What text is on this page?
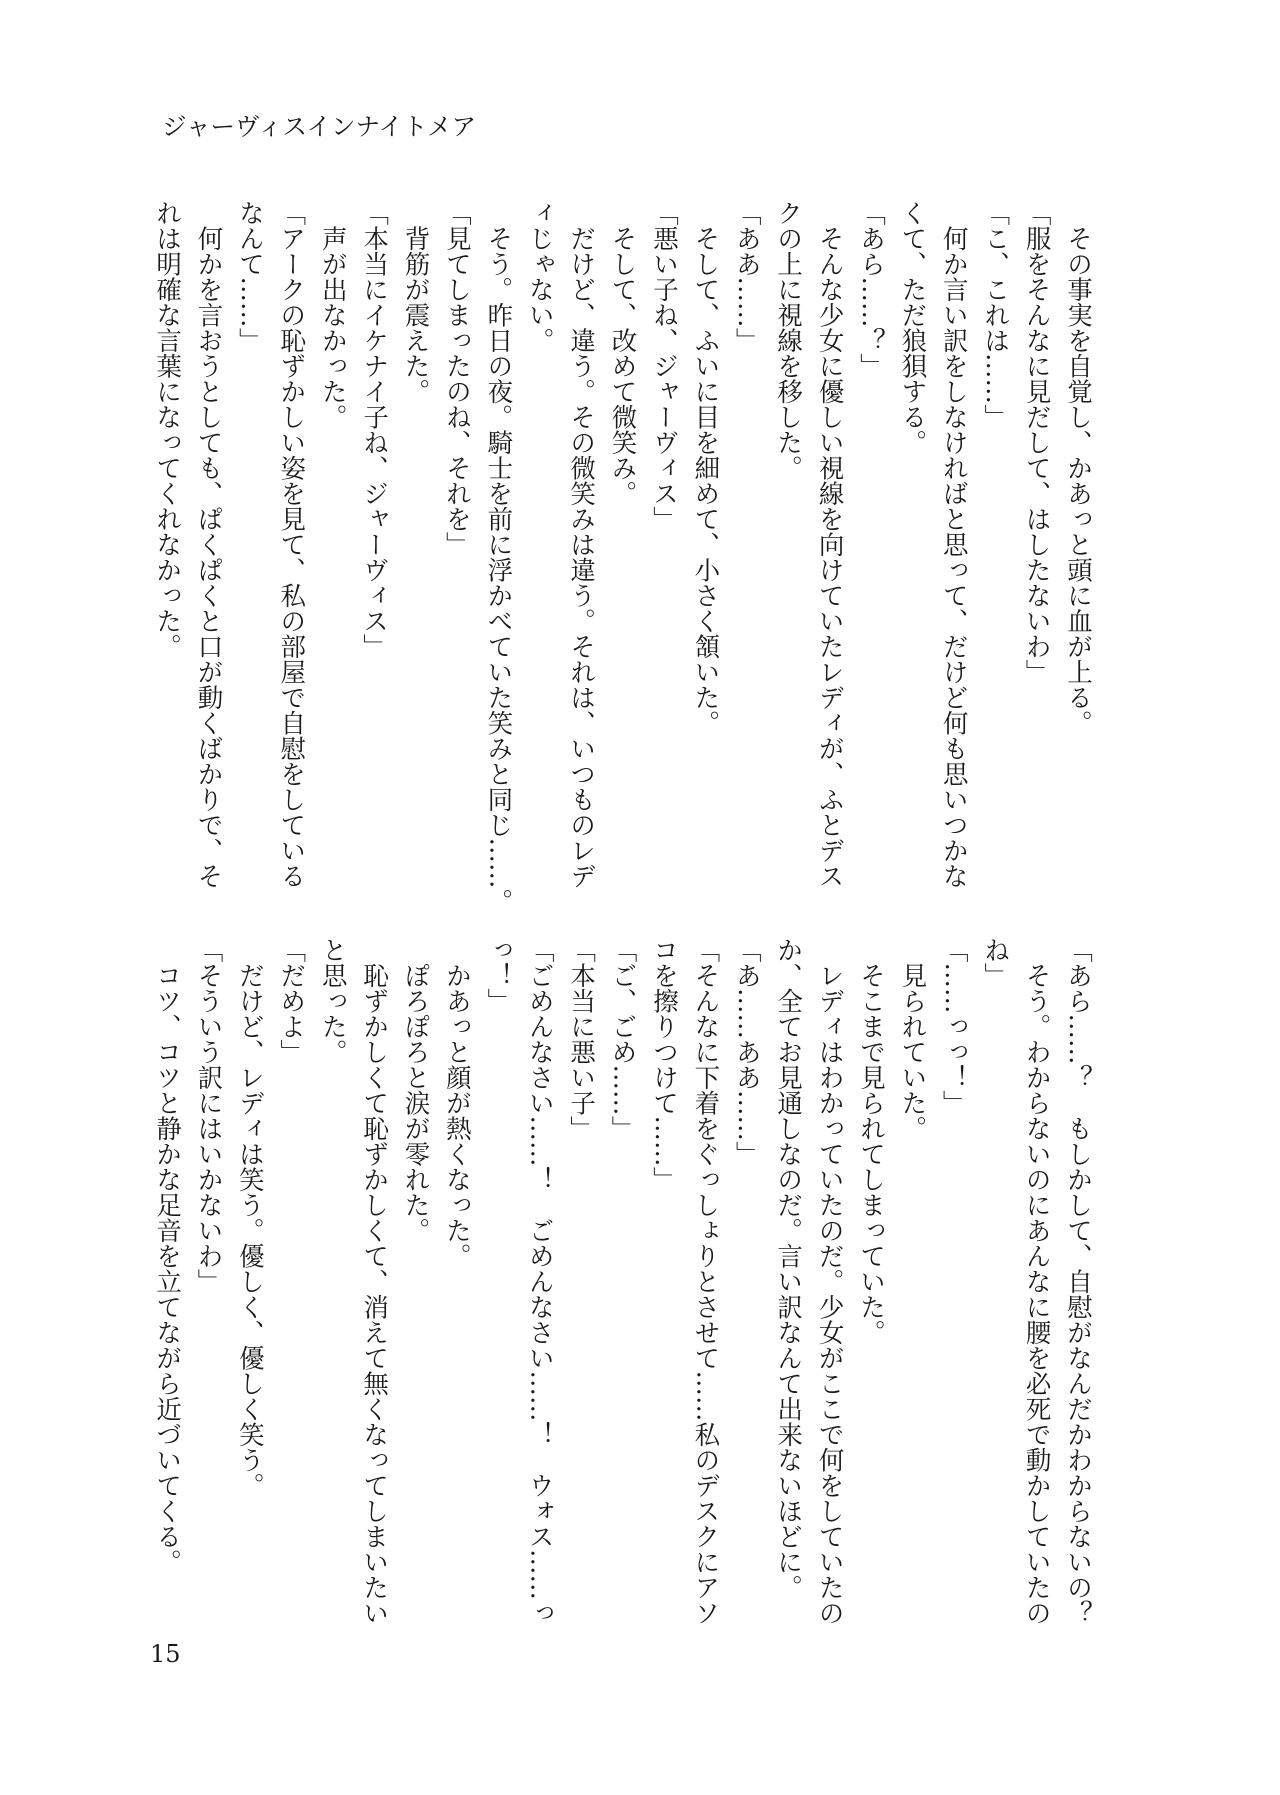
ジャーヴィスインナイトメア
　その事実を自覚し、かあっと頭に血が上る。
「服をそんなに見だして、はしたないわ」
「こ、これは……」
　何か言い訳をしなければと思って、だけど何も思いつかな
くて、ただ狼狽する。
「あら……？」
　そんな少女に優しい視線を向けていたレディが、ふとデス
クの上に視線を移した。
「ああ……」
　そして、ふいに目を細めて、小さく頷いた。
「悪い子ね、ジャーヴィス」
　そして、改めて微笑み。
　だけど、違う。その微笑みは違う。それは、いつものレデ
ィじゃない。
　そう。昨日の夜。騎士を前に浮かべていた笑みと同じ……。
「見てしまったのね、それを」
　背筋が震えた。
「本当にイケナイ子ね、ジャーヴィス」
　声が出なかった。
「アークの恥ずかしい姿を見て、私の部屋で自慰をしている
なんて……」
　何かを言おうとしても、ぱくぱくと口が動くばかりで、そ
れは明確な言葉になってくれなかった。
「あら……？　もしかして、自慰がなんだかわからないの？
　そう。わからないのにあんなに腰を必死で動かしていたの
ね」
「……っっ！」
　見られていた。
　そこまで見られてしまっていた。
　レディはわかっていたのだ。少女がここで何をしていたの
か、全てお見通しなのだ。言い訳なんて出来ないほどに。
「あ……ああ……」
「そんなに下着をぐっしょりとさせて……私のデスクにアソ
コを擦りつけて……」
「ご、ごめ……」
「本当に悪い子」
「ごめんなさい……！　ごめんなさい……！　ウォス……っ
っ！」
　かあっと顔が熱くなった。
　ぽろぽろと涙が零れた。
　恥ずかしくて恥ずかしくて、消えて無くなってしまいたい
と思った。
「だめよ」
　だけど、レディは笑う。優しく、優しく笑う。
「そういう訳にはいかないわ」
　コツ、コツと静かな足音を立てながら近づいてくる。
15
